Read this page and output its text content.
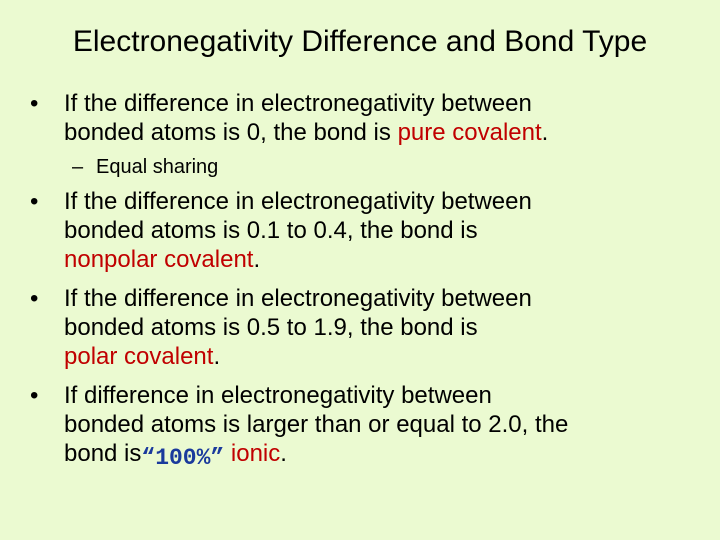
Electronegativity Difference and Bond Type
•	If the difference in electronegativity between
bonded atoms is 0, the bond is pure covalent.
– Equal sharing
•	If the difference in electronegativity between
bonded atoms is 0.1 to 0.4, the bond is
nonpolar covalent.
•	If the difference in electronegativity between
bonded atoms is 0.5 to 1.9, the bond is
polar covalent.
•	If difference in electronegativity between
bonded atoms is larger than or equal to 2.0, the
bond is“100%” ionic.
